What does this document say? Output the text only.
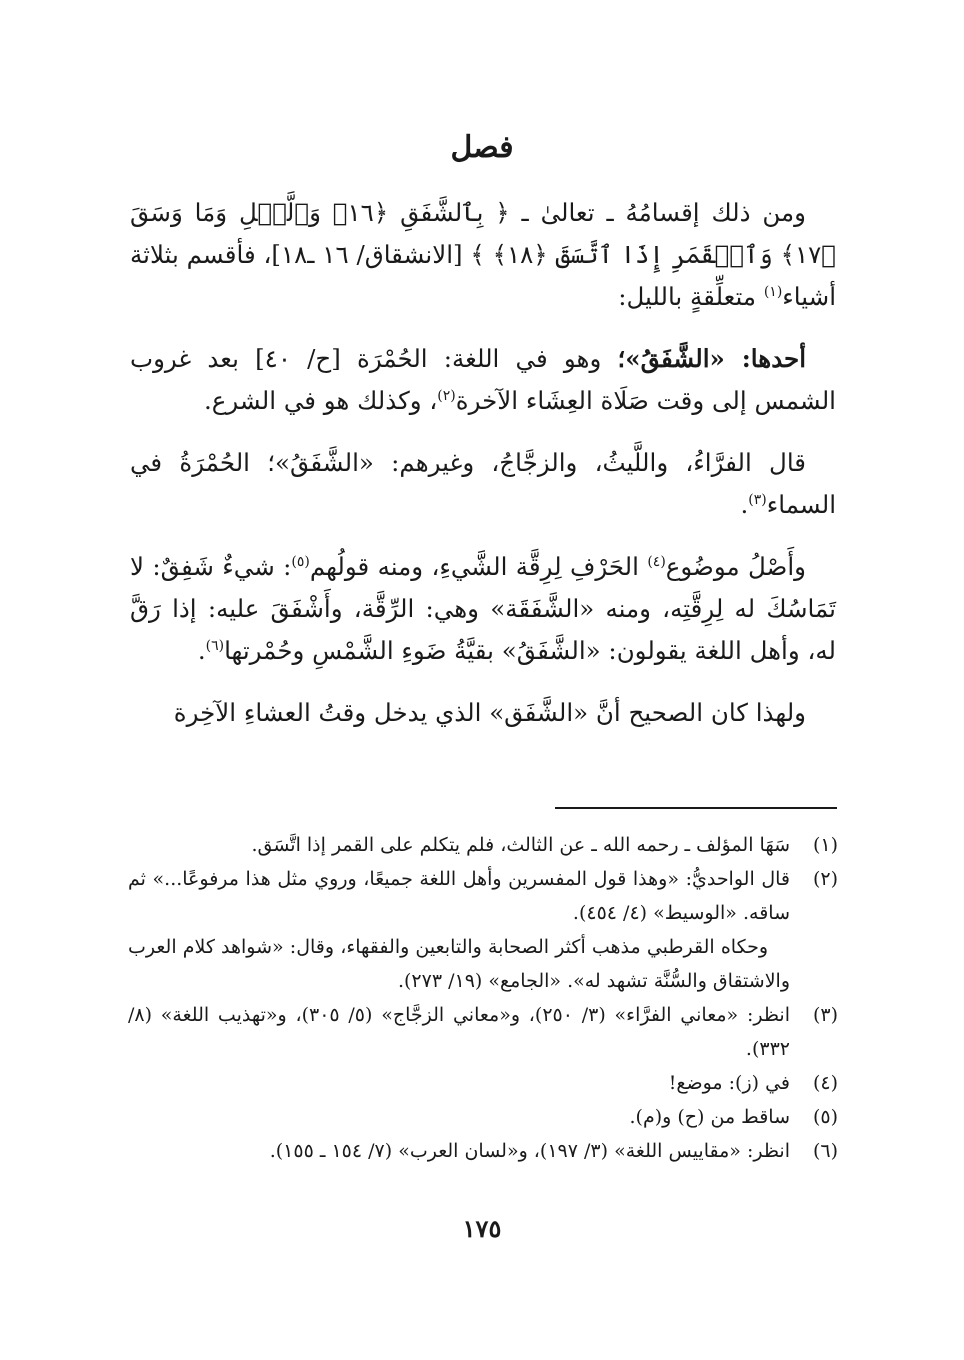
فصل

ومن ذلك إقسامُهُ ـ تعالىٰ ـ ﴿ بِٱلشَّفَقِ ﴿١٦﴾ وَٱلَّيۡلِ وَمَا وَسَقَ ﴿١٧﴾ وَٱلۡقَمَرِ إِذَا ٱتَّسَقَ ﴿١٨﴾ ﴾ [الانشقاق/ ١٦ ـ١٨]، فأقسم بثلاثة أشياء$^{(١)}$ متعلِّقةٍ بالليل:

أحدها: «الشَّفَقُ»؛ وهو في اللغة: الحُمْرَة [ح/ ٤٠] بعد غروب الشمس إلى وقت صَلَاة العِشَاء الآخرة$^{(٢)}$، وكذلك هو في الشرع.

قال الفرَّاءُ، واللَّيثُ، والزجَّاجُ، وغيرهم: «الشَّفَقُ»؛ الحُمْرَةُ في السماء$^{(٣)}$.

وأَصْلُ موضُوع$^{(٤)}$ الحَرْفِ لِرِقَّة الشَّيءِ، ومنه قولُهم$^{(٥)}$: شيءٌ شَفِقٌ: لا تَمَاسُكَ له لِرِقَّتِه، ومنه «الشَّفَقَة» وهي: الرِّقَّة، وأَشْفَقَ عليه: إذا رَقَّ له، وأهل اللغة يقولون: «الشَّفَقُ» بقيَّةُ ضَوءِ الشَّمْسِ وحُمْرتها$^{(٦)}$.

ولهذا كان الصحيح أنَّ «الشَّفَق» الذي يدخل وقتُ العشاءِ الآخِرة

(١)
سَهَا المؤلف ـ رحمه الله ـ عن الثالث، فلم يتكلم على القمر إذا اتَّسَق.
(٢)
قال الواحديُّ: «وهذا قول المفسرين وأهل اللغة جميعًا، وروي مثل هذا مرفوعًا...» ثم ساقه. «الوسيط» (٤/ ٤٥٤).
وحكاه القرطبي مذهب أكثر الصحابة والتابعين والفقهاء، وقال: «شواهد كلام العرب والاشتقاق والسُّنَّة تشهد له». «الجامع» (١٩/ ٢٧٣).
(٣)
انظر: «معاني الفرَّاء» (٣/ ٢٥٠)، و«معاني الزجَّاج» (٥/ ٣٠٥)، و«تهذيب اللغة» (٨/ ٣٣٢).
(٤)
في (ز): موضع!
(٥)
ساقط من (ح) و(م).
(٦)
انظر: «مقاييس اللغة» (٣/ ١٩٧)، و«لسان العرب» (٧/ ١٥٤ ـ ١٥٥).
١٧٥
